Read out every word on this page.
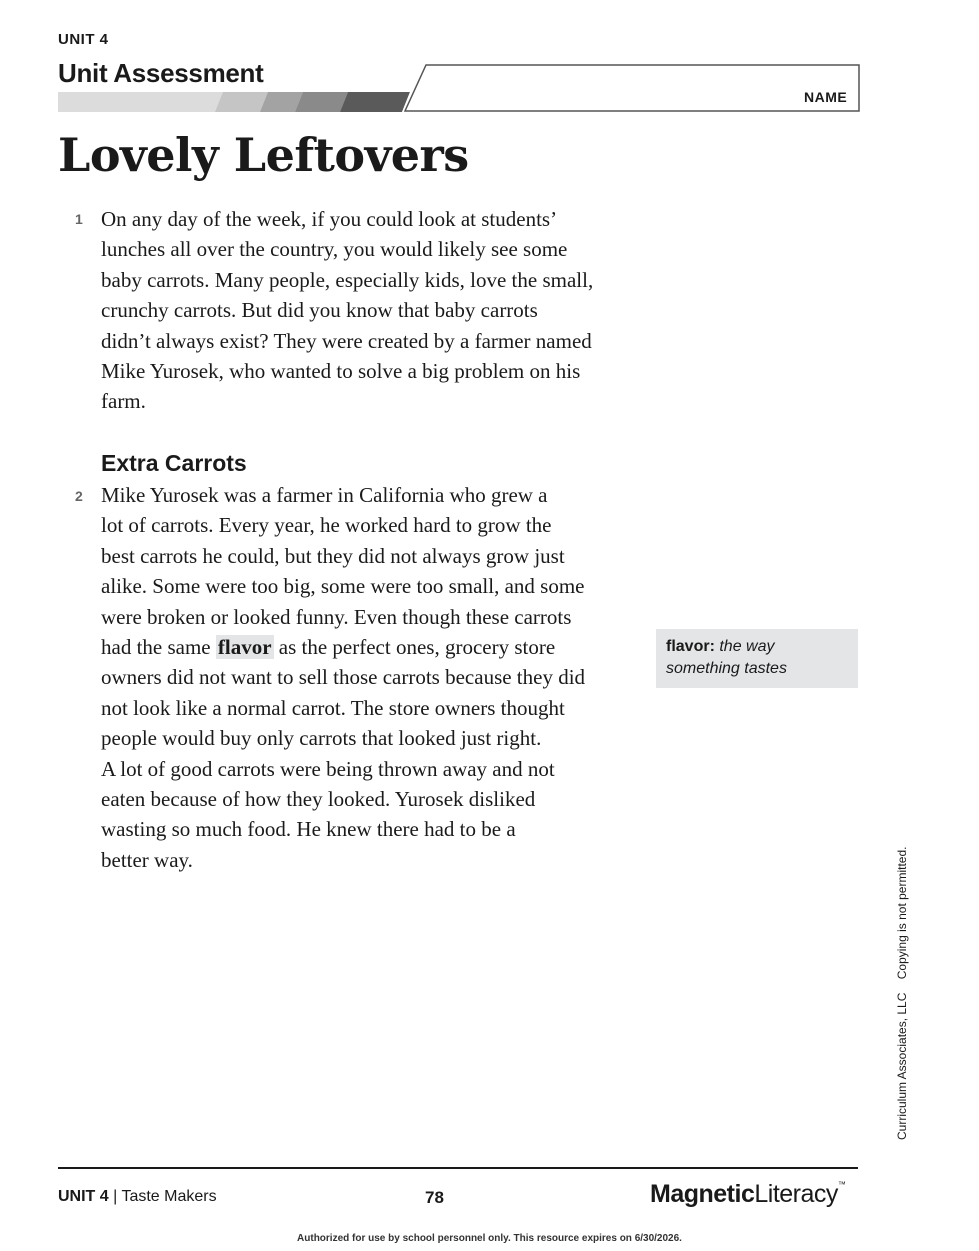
UNIT 4
Unit Assessment
NAME
Lovely Leftovers
1 On any day of the week, if you could look at students’
lunches all over the country, you would likely see some
baby carrots. Many people, especially kids, love the small,
crunchy carrots. But did you know that baby carrots
didn’t always exist? They were created by a farmer named
Mike Yurosek, who wanted to solve a big problem on his
farm.
Extra Carrots
2 Mike Yurosek was a farmer in California who grew a
lot of carrots. Every year, he worked hard to grow the
best carrots he could, but they did not always grow just
alike. Some were too big, some were too small, and some
were broken or looked funny. Even though these carrots
had the same flavor as the perfect ones, grocery store
owners did not want to sell those carrots because they did
not look like a normal carrot. The store owners thought
people would buy only carrots that looked just right.
A lot of good carrots were being thrown away and not
eaten because of how they looked. Yurosek disliked
wasting so much food. He knew there had to be a
better way.
flavor: the way something tastes
Curriculum Associates, LLC Copying is not permitted.
UNIT 4 | Taste Makers	78	MagneticLiteracy™
Authorized for use by school personnel only. This resource expires on 6/30/2026.
